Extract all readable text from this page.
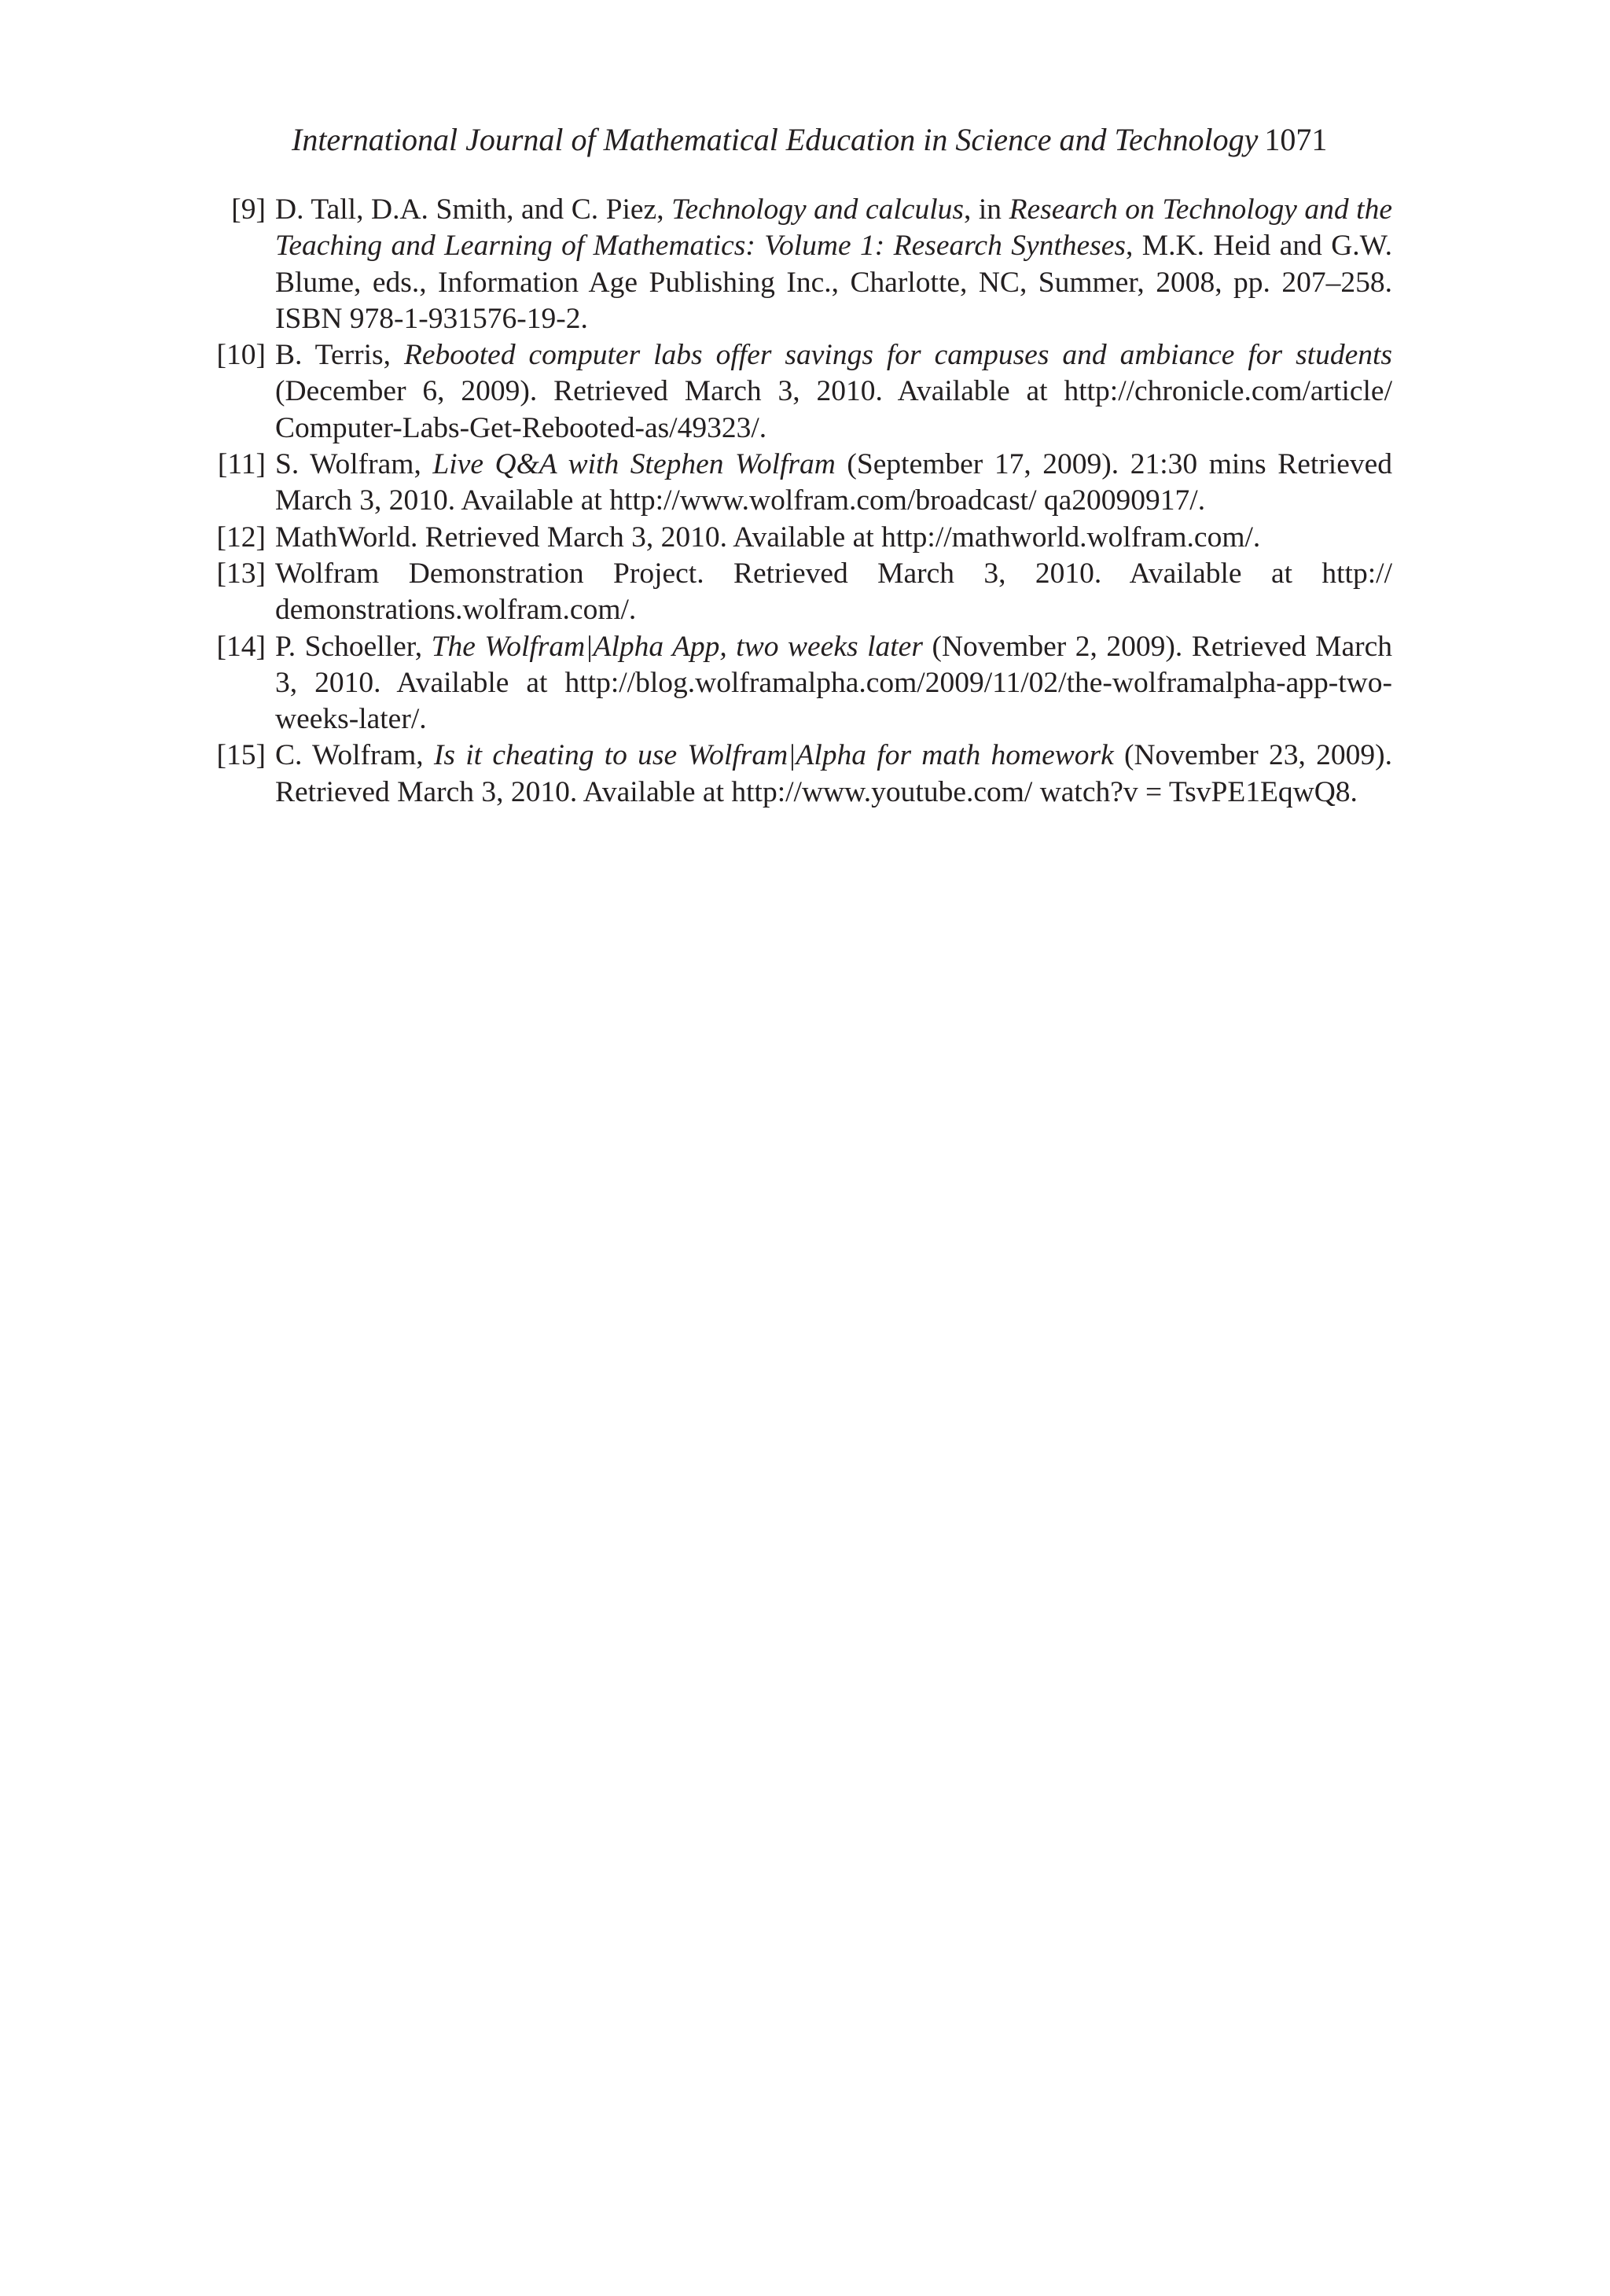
International Journal of Mathematical Education in Science and Technology 1071
[9] D. Tall, D.A. Smith, and C. Piez, Technology and calculus, in Research on Technology and the Teaching and Learning of Mathematics: Volume 1: Research Syntheses, M.K. Heid and G.W. Blume, eds., Information Age Publishing Inc., Charlotte, NC, Summer, 2008, pp. 207–258. ISBN 978-1-931576-19-2.
[10] B. Terris, Rebooted computer labs offer savings for campuses and ambiance for students (December 6, 2009). Retrieved March 3, 2010. Available at http://chronicle.com/article/ Computer-Labs-Get-Rebooted-as/49323/.
[11] S. Wolfram, Live Q&A with Stephen Wolfram (September 17, 2009). 21:30 mins Retrieved March 3, 2010. Available at http://www.wolfram.com/broadcast/ qa20090917/.
[12] MathWorld. Retrieved March 3, 2010. Available at http://mathworld.wolfram.com/.
[13] Wolfram Demonstration Project. Retrieved March 3, 2010. Available at http:// demonstrations.wolfram.com/.
[14] P. Schoeller, The Wolfram|Alpha App, two weeks later (November 2, 2009). Retrieved March 3, 2010. Available at http://blog.wolframalpha.com/2009/11/02/the-wolframalpha-app-two-weeks-later/.
[15] C. Wolfram, Is it cheating to use Wolfram|Alpha for math homework (November 23, 2009). Retrieved March 3, 2010. Available at http://www.youtube.com/ watch?v = TsvPE1EqwQ8.
